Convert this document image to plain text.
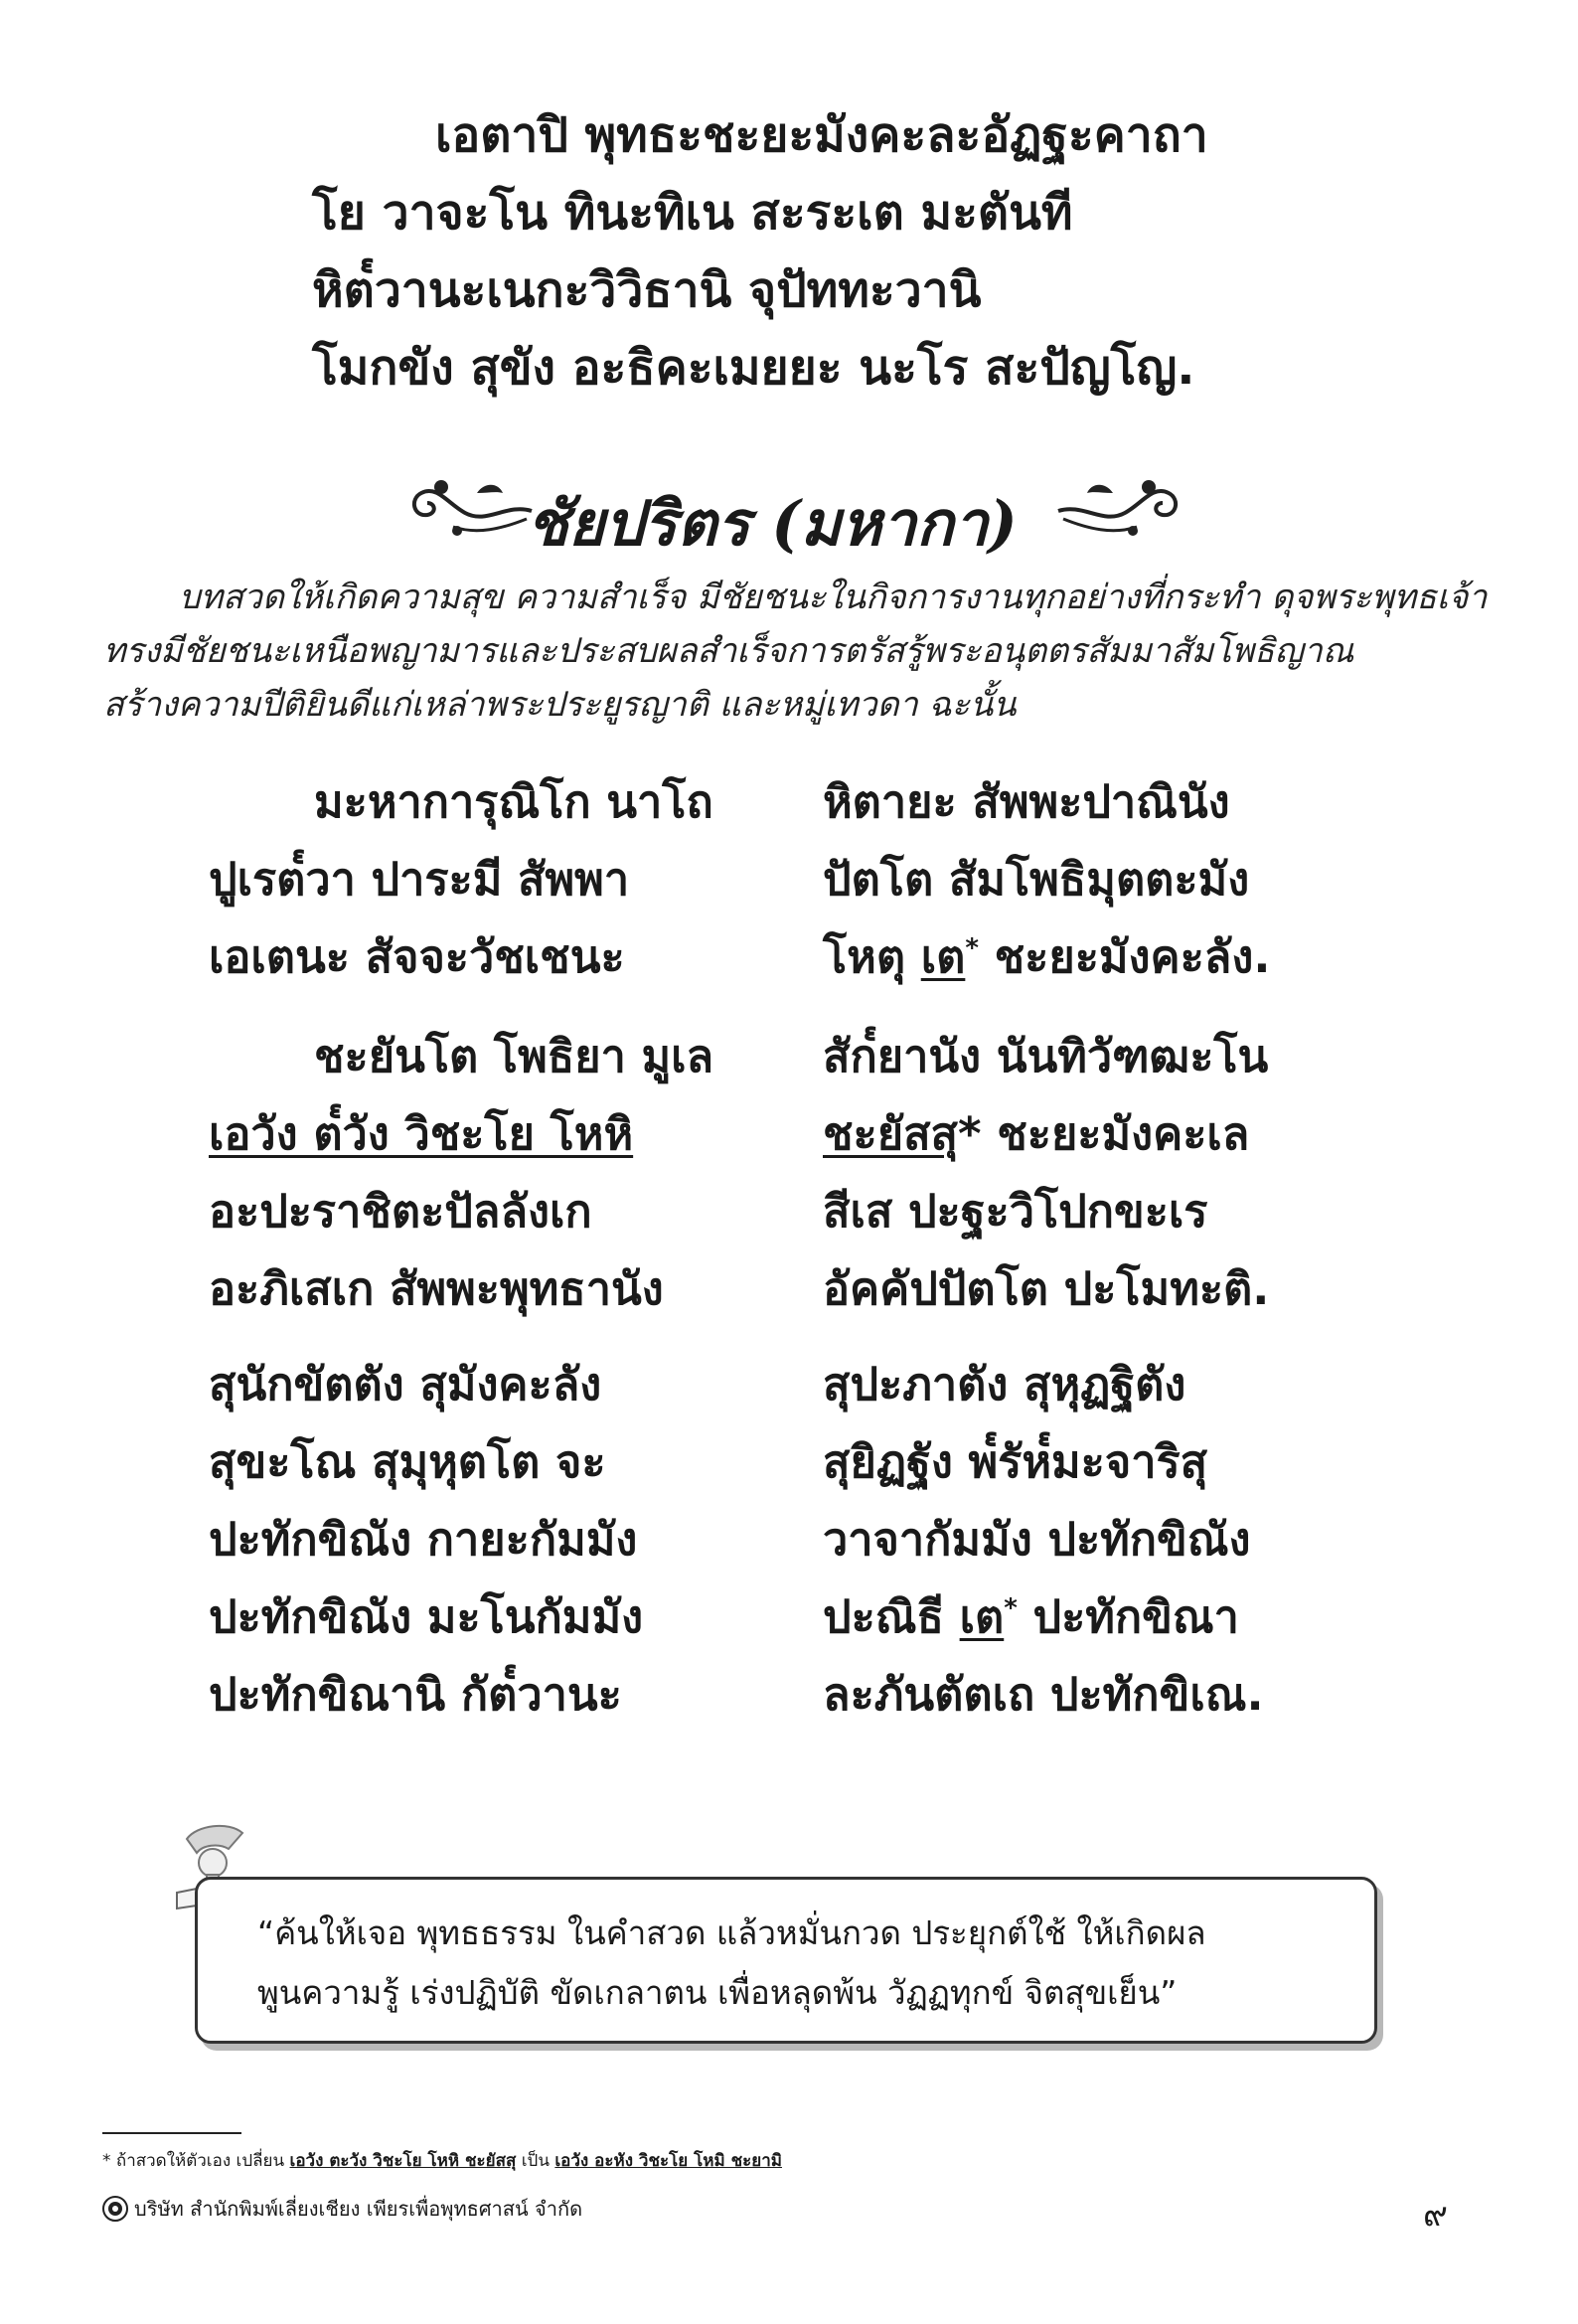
เอตาปิ พุทธะชะยะมังคะละอัฏฐะคาถา
โย วาจะโน ทินะทิเน สะระเต มะตันที
หิต๎วานะเนกะวิวิธานิ จุปัททะวานิ
โมกขัง สุขัง อะธิคะเมยยะ นะโร สะปัญโญ.
ชัยปริตร (มหากา)
บทสวดให้เกิดความสุข ความสำเร็จ มีชัยชนะในกิจการงานทุกอย่างที่กระทำ ดุจพระพุทธเจ้า
ทรงมีชัยชนะเหนือพญามารและประสบผลสำเร็จการตรัสรู้พระอนุตตรสัมมาสัมโพธิญาณ
สร้างความปีติยินดีแก่เหล่าพระประยูรญาติ และหมู่เทวดา ฉะนั้น
มะหาการุณิโก นาโถ
ปูเรต๎วา ปาระมี สัพพา
เอเตนะ สัจจะวัชเชนะ
หิตายะ สัพพะปาณินัง
ปัตโต สัมโพธิมุตตะมัง
โหตุ เต* ชะยะมังคะลัง.
ชะยันโต โพธิยา มูเล
เอวัง ต๎วัง วิชะโย โหหิ
อะปะราชิตะปัลลังเก
อะภิเสเก สัพพะพุทธานัง
สัก๎ยานัง นันทิวัฑฒะโน
ชะยัสสุ* ชะยะมังคะเล
สีเส ปะฐะวิโปกขะเร
อัคคัปปัตโต ปะโมทะติ.
สุนักขัตตัง สุมังคะลัง
สุขะโณ สุมุหุตโต จะ
ปะทักขิณัง กายะกัมมัง
ปะทักขิณัง มะโนกัมมัง
ปะทักขิณานิ กัต๎วานะ
สุปะภาตัง สุหุฏฐิตัง
สุยิฏฐัง พ๎รัห๎มะจาริสุ
วาจากัมมัง ปะทักขิณัง
ปะณิธี เต* ปะทักขิณา
ละภันตัตเถ ปะทักขิเณ.
“ค้นให้เจอ พุทธธรรม ในคำสวด แล้วหมั่นกวด ประยุกต์ใช้ ให้เกิดผล
พูนความรู้ เร่งปฏิบัติ ขัดเกลาตน เพื่อหลุดพ้น วัฏฏทุกข์ จิตสุขเย็น”
* ถ้าสวดให้ตัวเอง เปลี่ยน เอวัง ตะวัง วิชะโย โหหิ ชะยัสสุ เป็น เอวัง อะหัง วิชะโย โหมิ ชะยามิ
บริษัท สำนักพิมพ์เลี่ยงเชียง เพียรเพื่อพุทธศาสน์ จำกัด	๙
